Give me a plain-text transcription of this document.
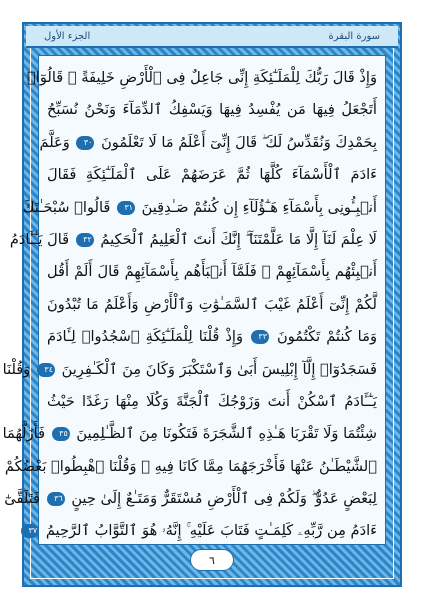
الجزء الأول	سورة البقرة
وَإِذْ قَالَ رَبُّكَ لِلْمَلَـٰٓئِكَةِ إِنِّى جَاعِلٌ فِى ٱلْأَرْضِ خَلِيفَةً ۖ قَالُوٓا۟
أَتَجْعَلُ فِيهَا مَن يُفْسِدُ فِيهَا وَيَسْفِكُ ٱلدِّمَآءَ وَنَحْنُ نُسَبِّحُ
بِحَمْدِكَ وَنُقَدِّسُ لَكَ ۖ قَالَ إِنِّىٓ أَعْلَمُ مَا لَا تَعْلَمُونَ ٣٠ وَعَلَّمَ
ءَادَمَ ٱلْأَسْمَآءَ كُلَّهَا ثُمَّ عَرَضَهُمْ عَلَى ٱلْمَلَـٰٓئِكَةِ فَقَالَ
أَنۢبِـُٔونِى بِأَسْمَآءِ هَـٰٓؤُلَآءِ إِن كُنتُمْ صَـٰدِقِينَ ٣١ قَالُوا۟ سُبْحَـٰنَكَ
لَا عِلْمَ لَنَآ إِلَّا مَا عَلَّمْتَنَآ ۖ إِنَّكَ أَنتَ ٱلْعَلِيمُ ٱلْحَكِيمُ ٣٢ قَالَ يَـٰٓـَٔادَمُ
أَنۢبِئْهُم بِأَسْمَآئِهِمْ ۖ فَلَمَّآ أَنۢبَأَهُم بِأَسْمَآئِهِمْ قَالَ أَلَمْ أَقُل
لَّكُمْ إِنِّىٓ أَعْلَمُ غَيْبَ ٱلسَّمَـٰوَٰتِ وَٱلْأَرْضِ وَأَعْلَمُ مَا تُبْدُونَ
وَمَا كُنتُمْ تَكْتُمُونَ ٣٣ وَإِذْ قُلْنَا لِلْمَلَـٰٓئِكَةِ ٱسْجُدُوا۟ لِـَٔادَمَ
فَسَجَدُوٓا۟ إِلَّآ إِبْلِيسَ أَبَىٰ وَٱسْتَكْبَرَ وَكَانَ مِنَ ٱلْكَـٰفِرِينَ ٣٤ وَقُلْنَا
يَـٰٓـَٔادَمُ ٱسْكُنْ أَنتَ وَزَوْجُكَ ٱلْجَنَّةَ وَكُلَا مِنْهَا رَغَدًا حَيْثُ
شِئْتُمَا وَلَا تَقْرَبَا هَـٰذِهِ ٱلشَّجَرَةَ فَتَكُونَا مِنَ ٱلظَّـٰلِمِينَ ٣٥ فَأَزَلَّهُمَا
ٱلشَّيْطَـٰنُ عَنْهَا فَأَخْرَجَهُمَا مِمَّا كَانَا فِيهِ ۖ وَقُلْنَا ٱهْبِطُوا۟ بَعْضُكُمْ
لِبَعْضٍ عَدُوٌّ ۖ وَلَكُمْ فِى ٱلْأَرْضِ مُسْتَقَرٌّ وَمَتَـٰعٌ إِلَىٰ حِينٍ ٣٦ فَتَلَقَّىٰٓ
ءَادَمُ مِن رَّبِّهِۦ كَلِمَـٰتٍ فَتَابَ عَلَيْهِ ۚ إِنَّهُۥ هُوَ ٱلتَّوَّابُ ٱلرَّحِيمُ ٣٧
٦
